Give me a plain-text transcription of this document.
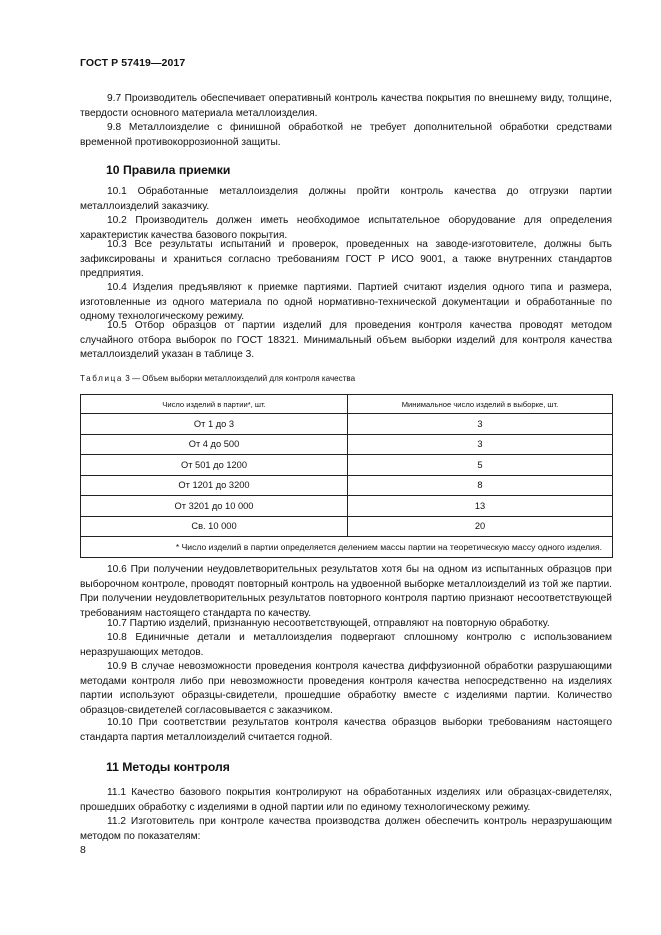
ГОСТ Р 57419—2017
9.7 Производитель обеспечивает оперативный контроль качества покрытия по внешнему виду, толщине, твердости основного материала металлоизделия.
9.8 Металлоизделие с финишной обработкой не требует дополнительной обработки средствами временной противокоррозионной защиты.
10 Правила приемки
10.1 Обработанные металлоизделия должны пройти контроль качества до отгрузки партии металлоизделий заказчику.
10.2 Производитель должен иметь необходимое испытательное оборудование для определения характеристик качества базового покрытия.
10.3 Все результаты испытаний и проверок, проведенных на заводе-изготовителе, должны быть зафиксированы и храниться согласно требованиям ГОСТ Р ИСО 9001, а также внутренних стандартов предприятия.
10.4 Изделия предъявляют к приемке партиями. Партией считают изделия одного типа и размера, изготовленные из одного материала по одной нормативно-технической документации и обработанные по одному технологическому режиму.
10.5 Отбор образцов от партии изделий для проведения контроля качества проводят методом случайного отбора выборок по ГОСТ 18321. Минимальный объем выборки изделий для контроля качества металлоизделий указан в таблице 3.
Таблица 3 — Объем выборки металлоизделий для контроля качества
Число изделий в партии*, шт.	Минимальное число изделий в выборке, шт.
От 1 до 3	3
От 4 до 500	3
От 501 до 1200	5
От 1201 до 3200	8
От 3201 до 10 000	13
Св. 10 000	20
* Число изделий в партии определяется делением массы партии на теоретическую массу одного изделия.	
10.6 При получении неудовлетворительных результатов хотя бы на одном из испытанных образцов при выборочном контроле, проводят повторный контроль на удвоенной выборке металлоизделий из той же партии. При получении неудовлетворительных результатов повторного контроля партию признают несоответствующей требованиям настоящего стандарта по качеству.
10.7 Партию изделий, признанную несоответствующей, отправляют на повторную обработку.
10.8 Единичные детали и металлоизделия подвергают сплошному контролю с использованием неразрушающих методов.
10.9 В случае невозможности проведения контроля качества диффузионной обработки разрушающими методами контроля либо при невозможности проведения контроля качества непосредственно на изделиях партии используют образцы-свидетели, прошедшие обработку вместе с изделиями партии. Количество образцов-свидетелей согласовывается с заказчиком.
10.10 При соответствии результатов контроля качества образцов выборки требованиям настоящего стандарта партия металлоизделий считается годной.
11 Методы контроля
11.1 Качество базового покрытия контролируют на обработанных изделиях или образцах-свидетелях, прошедших обработку с изделиями в одной партии или по единому технологическому режиму.
11.2 Изготовитель при контроле качества производства должен обеспечить контроль неразрушающим методом по показателям:
8
